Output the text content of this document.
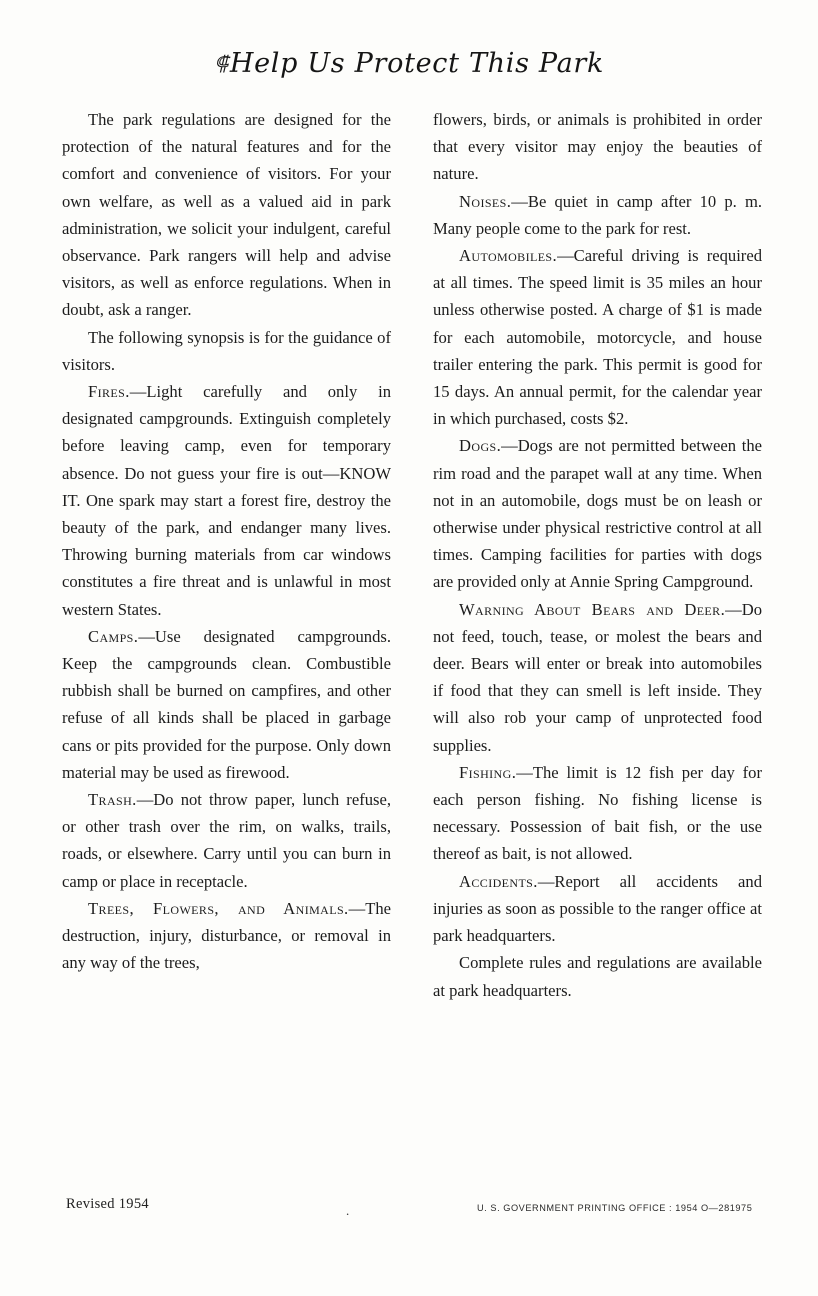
⸿Help Us Protect This Park

The park regulations are designed for the protection of the natural features and for the comfort and convenience of visitors. For your own welfare, as well as a valued aid in park administration, we solicit your indulgent, careful observance. Park rangers will help and advise visitors, as well as enforce regulations. When in doubt, ask a ranger.

The following synopsis is for the guidance of visitors.

Fires.—Light carefully and only in designated campgrounds. Extinguish completely before leaving camp, even for temporary absence. Do not guess your fire is out—KNOW IT. One spark may start a forest fire, destroy the beauty of the park, and endanger many lives. Throwing burning materials from car windows constitutes a fire threat and is unlawful in most western States.

Camps.—Use designated campgrounds. Keep the campgrounds clean. Combustible rubbish shall be burned on campfires, and other refuse of all kinds shall be placed in garbage cans or pits provided for the purpose. Only down material may be used as firewood.

Trash.—Do not throw paper, lunch refuse, or other trash over the rim, on walks, trails, roads, or elsewhere. Carry until you can burn in camp or place in receptacle.

Trees, Flowers, and Animals.—The destruction, injury, disturbance, or removal in any way of the trees,

flowers, birds, or animals is prohibited in order that every visitor may enjoy the beauties of nature.

Noises.—Be quiet in camp after 10 p. m. Many people come to the park for rest.

Automobiles.—Careful driving is required at all times. The speed limit is 35 miles an hour unless otherwise posted. A charge of $1 is made for each automobile, motorcycle, and house trailer entering the park. This permit is good for 15 days. An annual permit, for the calendar year in which purchased, costs $2.

Dogs.—Dogs are not permitted between the rim road and the parapet wall at any time. When not in an automobile, dogs must be on leash or otherwise under physical restrictive control at all times. Camping facilities for parties with dogs are provided only at Annie Spring Campground.

Warning About Bears and Deer.—Do not feed, touch, tease, or molest the bears and deer. Bears will enter or break into automobiles if food that they can smell is left inside. They will also rob your camp of unprotected food supplies.

Fishing.—The limit is 12 fish per day for each person fishing. No fishing license is necessary. Possession of bait fish, or the use thereof as bait, is not allowed.

Accidents.—Report all accidents and injuries as soon as possible to the ranger office at park headquarters.

Complete rules and regulations are available at park headquarters.

Revised 1954	.	U. S. GOVERNMENT PRINTING OFFICE : 1954 O—281975
